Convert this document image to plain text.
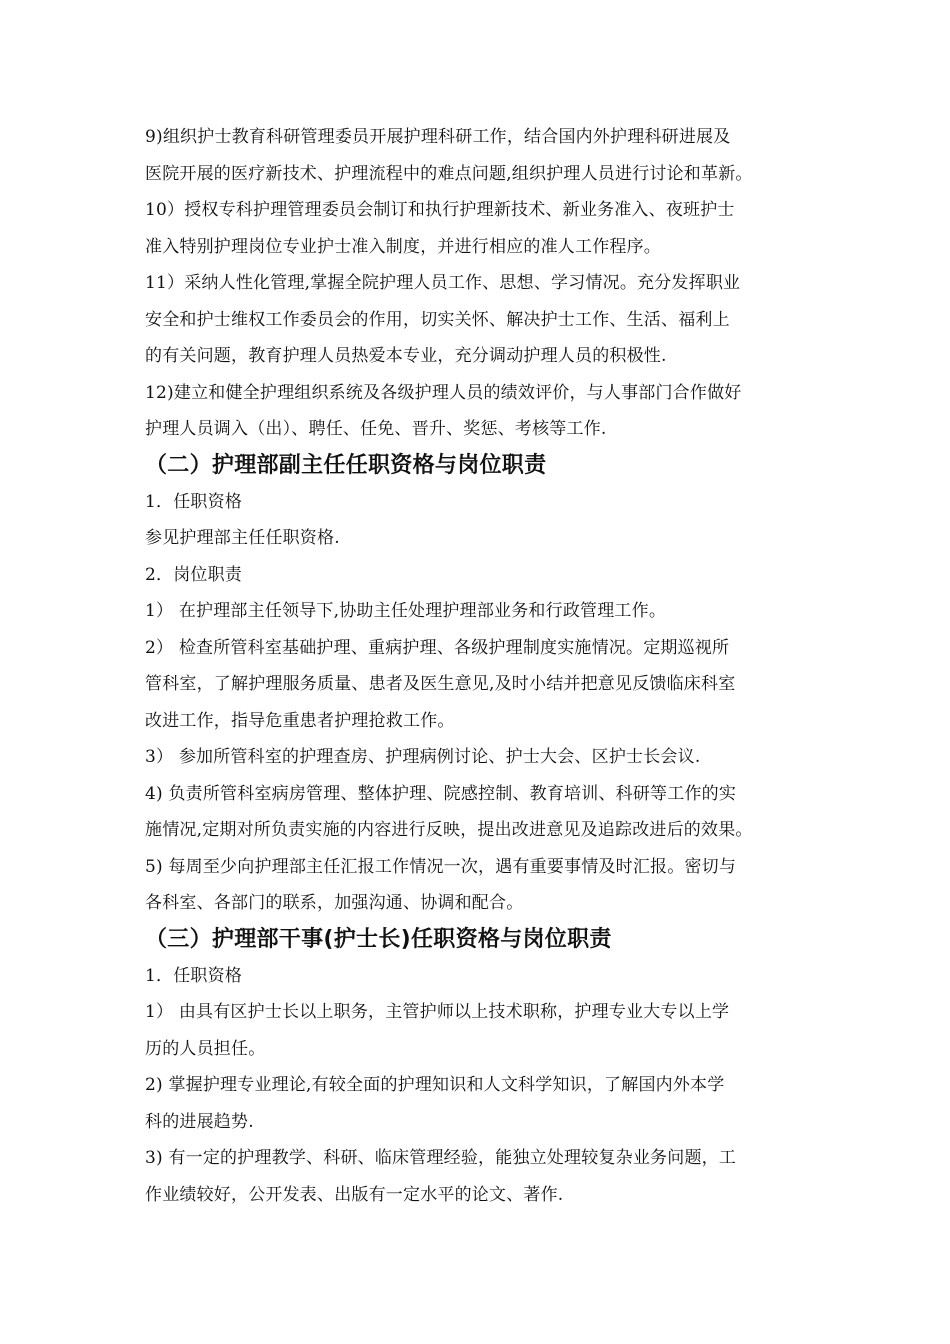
9)组织护士教育科研管理委员开展护理科研工作，结合国内外护理科研进展及
医院开展的医疗新技术、护理流程中的难点问题,组织护理人员进行讨论和革新。
10）授权专科护理管理委员会制订和执行护理新技术、新业务准入、夜班护士
准入特别护理岗位专业护士准入制度，并进行相应的准人工作程序。
11）采纳人性化管理,掌握全院护理人员工作、思想、学习情况。充分发挥职业
安全和护士维权工作委员会的作用，切实关怀、解决护士工作、生活、福利上
的有关问题，教育护理人员热爱本专业，充分调动护理人员的积极性.
12)建立和健全护理组织系统及各级护理人员的绩效评价，与人事部门合作做好
护理人员调入（出）、聘任、任免、晋升、奖惩、考核等工作.
（二）护理部副主任任职资格与岗位职责
1．任职资格
参见护理部主任任职资格.
2．岗位职责
1） 在护理部主任领导下,协助主任处理护理部业务和行政管理工作。
2） 检查所管科室基础护理、重病护理、各级护理制度实施情况。定期巡视所
管科室，了解护理服务质量、患者及医生意见,及时小结并把意见反馈临床科室
改进工作，指导危重患者护理抢救工作。
3） 参加所管科室的护理查房、护理病例讨论、护士大会、区护士长会议.
4) 负责所管科室病房管理、整体护理、院感控制、教育培训、科研等工作的实
施情况,定期对所负责实施的内容进行反映，提出改进意见及追踪改进后的效果。
5) 每周至少向护理部主任汇报工作情况一次，遇有重要事情及时汇报。密切与
各科室、各部门的联系，加强沟通、协调和配合。
（三）护理部干事(护士长)任职资格与岗位职责
1．任职资格
1） 由具有区护士长以上职务，主管护师以上技术职称，护理专业大专以上学
历的人员担任。
2) 掌握护理专业理论,有较全面的护理知识和人文科学知识，了解国内外本学
科的进展趋势.
3) 有一定的护理教学、科研、临床管理经验，能独立处理较复杂业务问题，工
作业绩较好，公开发表、出版有一定水平的论文、著作.
